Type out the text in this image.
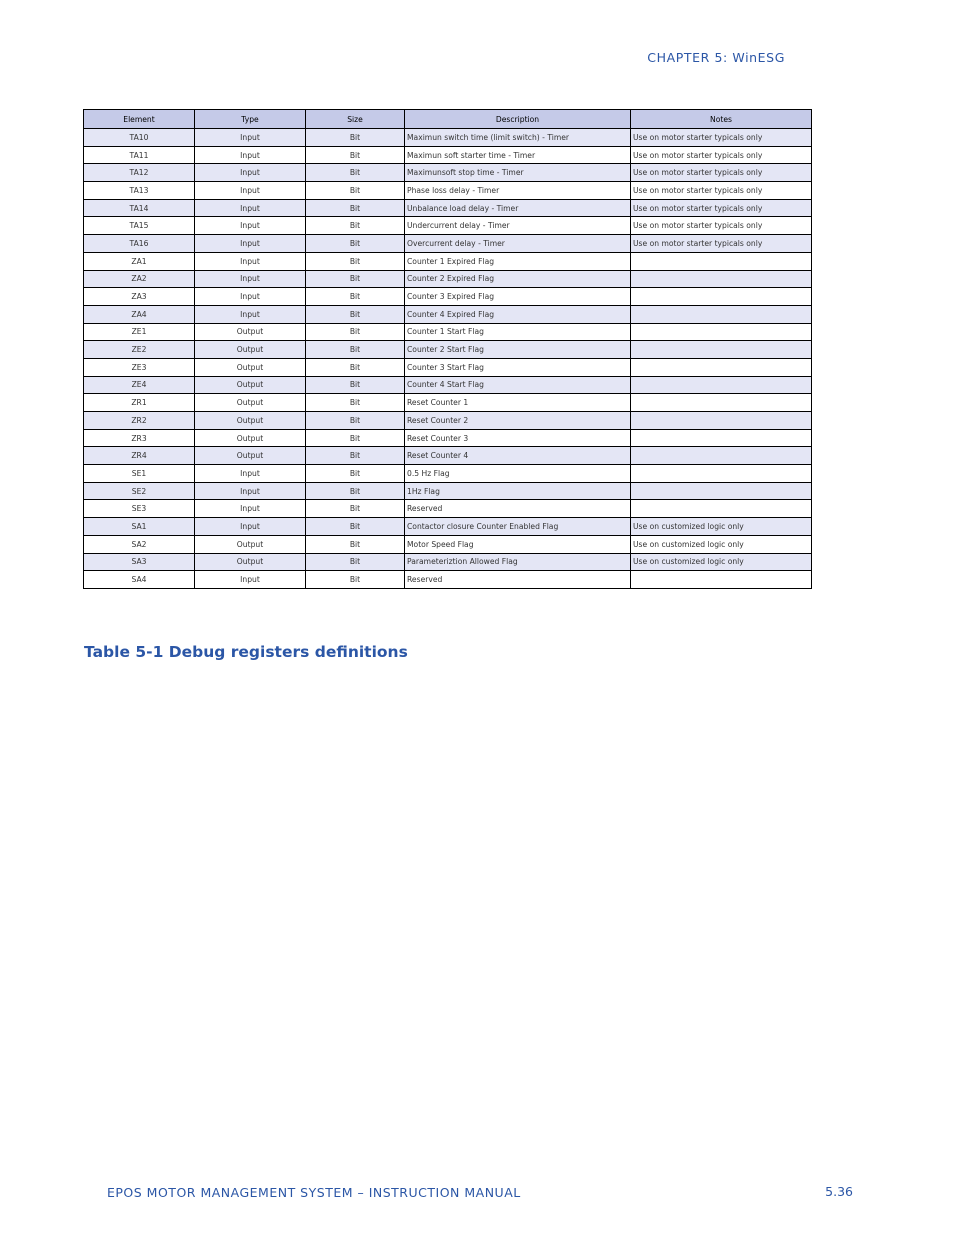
CHAPTER 5: WinESG
Element	Type	Size	Description	Notes
TA10	Input	Bit	Maximun switch time (limit switch) - Timer	Use on motor starter typicals only
TA11	Input	Bit	Maximun soft starter time - Timer	Use on motor starter typicals only
TA12	Input	Bit	Maximunsoft stop time - Timer	Use on motor starter typicals only
TA13	Input	Bit	Phase loss delay - Timer	Use on motor starter typicals only
TA14	Input	Bit	Unbalance load delay - Timer	Use on motor starter typicals only
TA15	Input	Bit	Undercurrent delay - Timer	Use on motor starter typicals only
TA16	Input	Bit	Overcurrent delay - Timer	Use on motor starter typicals only
ZA1	Input	Bit	Counter 1 Expired Flag	
ZA2	Input	Bit	Counter 2 Expired Flag	
ZA3	Input	Bit	Counter 3 Expired Flag	
ZA4	Input	Bit	Counter 4 Expired Flag	
ZE1	Output	Bit	Counter 1 Start Flag	
ZE2	Output	Bit	Counter 2 Start Flag	
ZE3	Output	Bit	Counter 3 Start Flag	
ZE4	Output	Bit	Counter 4 Start Flag	
ZR1	Output	Bit	Reset Counter 1	
ZR2	Output	Bit	Reset Counter 2	
ZR3	Output	Bit	Reset Counter 3	
ZR4	Output	Bit	Reset Counter 4	
SE1	Input	Bit	0.5 Hz Flag	
SE2	Input	Bit	1Hz Flag	
SE3	Input	Bit	Reserved	
SA1	Input	Bit	Contactor closure Counter Enabled Flag	Use on customized logic only
SA2	Output	Bit	Motor Speed Flag	Use on customized logic only
SA3	Output	Bit	Parameteriztion Allowed Flag	Use on customized logic only
SA4	Input	Bit	Reserved	
Table 5-1 Debug registers definitions
EPOS MOTOR MANAGEMENT SYSTEM – INSTRUCTION MANUAL	5.36
